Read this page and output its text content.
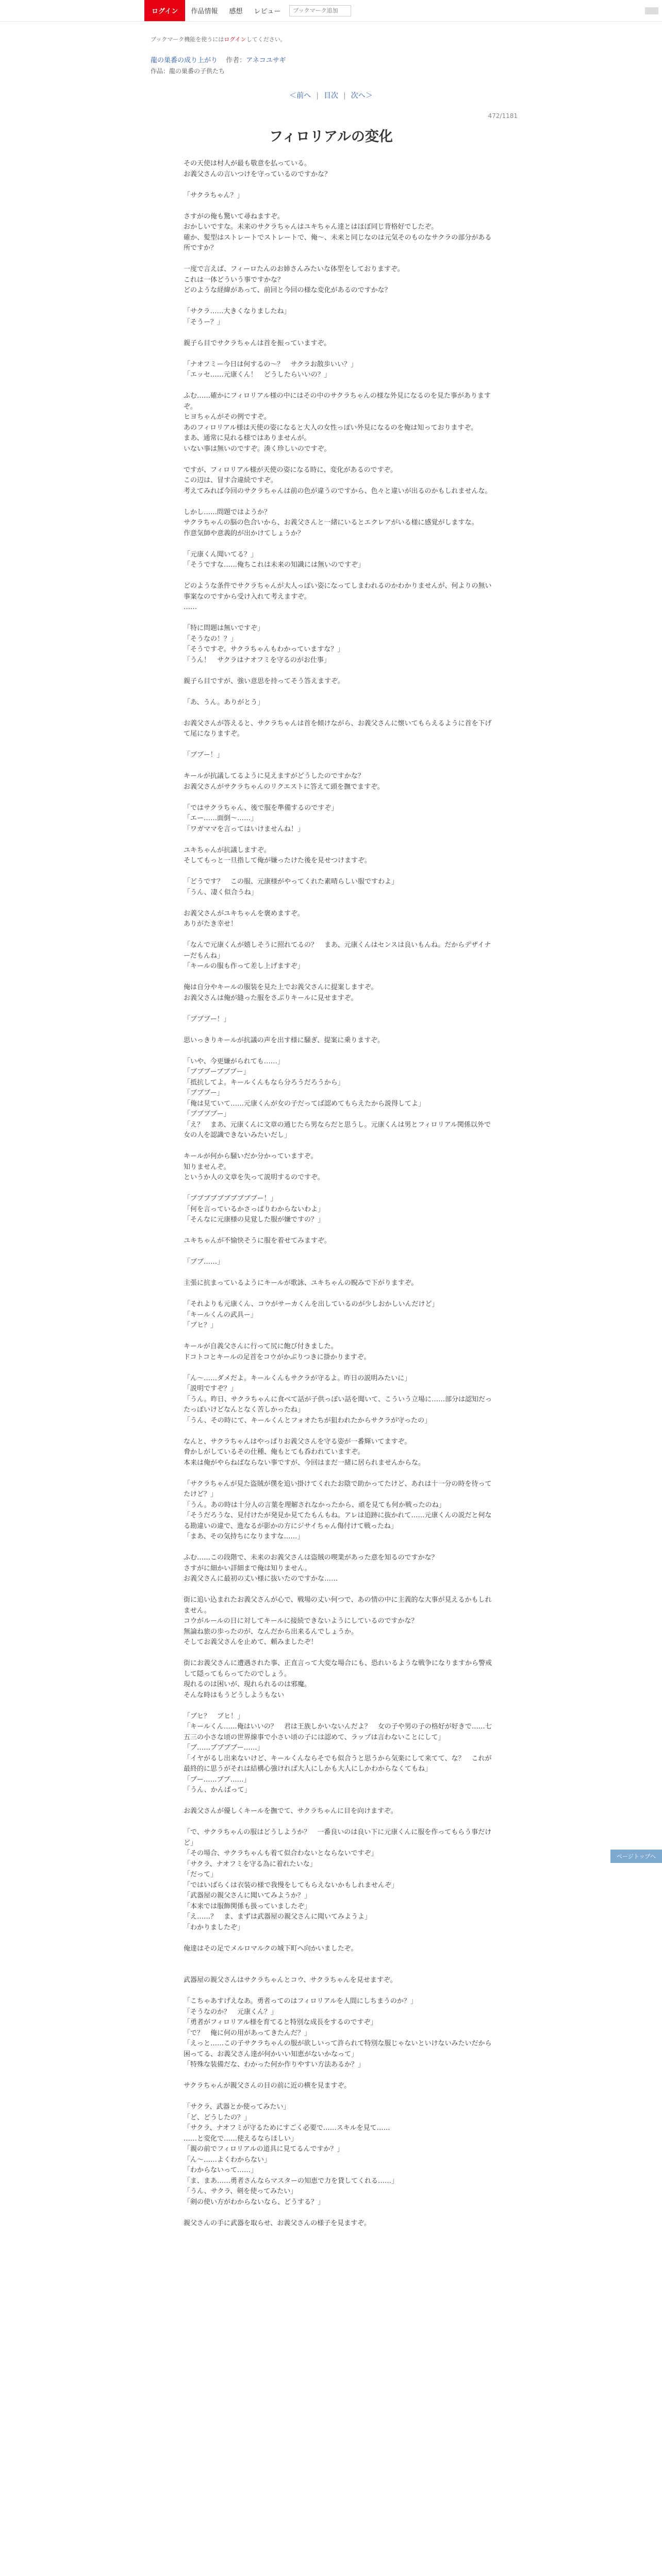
ログイン	作品情報	感想	レビュー
ブックマーク追加
ブックマーク機能を使うにはログインしてください。
龍の巣番の成り上がり 作者：アネコユサギ
作品：龍の巣番の子供たち
＜前へ | 目次 | 次へ＞
472/1181
フィロリアルの変化

その天使は村人が最も敬意を払っている。

お義父さんの言いつけを守っているのですかな？

「サクラちゃん？」

さすがの俺も驚いて尋ねますぞ。

おかしいですな。未来のサクラちゃんはユキちゃん達とはほぼ同じ背格好でしたぞ。

確か、髪型はストレートでストレートで、俺～、未来と同じなのは元気そのものなサクラの部分がある所ですか？

一度で言えば、フィーロたんのお姉さんみたいな体型をしておりますぞ。

これは一体どういう事ですかな？

どのような経緯があって、前回と今回の様な変化があるのですかな？

「サクラ……大きくなりましたね」

「そうー？」

親子ら目でサクラちゃんは首を振っていますぞ。

「ナオフミー今日は何するの～？　サクラお散歩いい？」

「エッセ……元康くん！　どうしたらいいの？」

ふむ……確かにフィロリアル様の中にはその中のサクラちゃんの様な外見になるのを見た事がありますぞ。

ヒヨちゃんがその例ですぞ。

あのフィロリアル様は天使の姿になると大人の女性っぽい外見になるのを俺は知っておりますぞ。

まあ、通常に見れる様ではありませんが。

いない事は無いのですぞ。湊く珍しいのですぞ。

ですが、フィロリアル様が天使の姿になる時に、変化があるのですぞ。

この辺は、冒す合違続ですぞ。

考えてみれば今回のサクラちゃんは前の色が違うのですから、色々と違いが出るのかもしれませんな。

しかし……問題ではようか？

サクラちゃんの脳の色合いから、お義父さんと一緒にいるとエクレアがいる様に感覚がしますな。

作意気師や意義的が出かけてしょうか？

「元康くん聞いてる？」

「そうですな……俺ちこれは未来の知識には無いのですぞ」

どのような条件でサクラちゃんが大人っぽい姿になってしまわれるのかわかりませんが、何よりの無い事案なのですから受け入れて考えますぞ。

……

「特に問題は無いですぞ」

「そうなの！？」

「そうですぞ。サクラちゃんもわかっていますな？」

「うん！　サクラはナオフミを守るのがお仕事」

親子ら目ですが、強い意思を持ってそう答えますぞ。

「あ、うん。ありがとう」

お義父さんが答えると、サクラちゃんは首を傾けながら、お義父さんに懐いてもらえるように首を下げて尾になりますぞ。

「ブブー！」

キールが抗議してるように見えますがどうしたのですかな？

お義父さんがサクラちゃんのリクエストに答えて頭を撫でますぞ。

「ではサクラちゃん、後で服を準備するのですぞ」

「エー……面倒～……」

「ワガママを言ってはいけませんね！」

ユキちゃんが抗議しますぞ。

そしてもっと一旦指して俺が嫌ったけた後を見せつけますぞ。

「どうです？　この服、元康様がやってくれた素晴らしい服ですわよ」

「うん、凄く似合うね」

お義父さんがユキちゃんを褒めますぞ。

ありがたき幸せ！

「なんで元康くんが嬉しそうに照れてるの？　まあ、元康くんはセンスは良いもんね。だからデザイナーだもんね」

「キールの服も作って差し上げますぞ」

俺は自分やキールの服装を見た上でお義父さんに提案しますぞ。

お義父さんは俺が縫った服をさぶりキールに見せますぞ。

「ブブブー！」

思いっきりキールが抗議の声を出す様に騒ぎ、提案に乗りますぞ。

「いや、今更嫌がられても……」

「ブブブーブブブー」

「抵抗してよ。キールくんもなら分ろうだろうから」

「ブブブー」

「俺は見ていて……元康くんが女の子だってば認めてもらえたから説得してよ」

「ブブブブー」

「え？　まあ、元康くんに文章の通じたら男ならだと思うし。元康くんは男とフィロリアル関係以外で女の人を認識できないみたいだし」

キールが何から騒いだか分かっていますぞ。

知りませんぞ。

というか人の文章を失って説明するのですぞ。

「ブブブブブブブブブブー！」

「何を言っているかさっぱりわからないわよ」

「そんなに元康様の見覚した服が嫌ですの？」

ユキちゃんが不愉快そうに服を着せてみますぞ。

「ブブ……」

主張に抗まっているようにキールが歌詠、ユキちゃんの睨みで下がりますぞ。

「それよりも元康くん、コウがサーカくんを出しているのが少しおかしいんだけど」

「キールくんの武具ー」

「ブヒ？」

キールが自義父さんに行って尻に飽び付きました。

ドコトコとキールの足首をコウがかぶりつきに掛かりますぞ。

「ん～……ダメだよ。キールくんもサクラが守るよ。昨日の説明みたいに」

「説明ですぞ？」

「うん。昨日、サクラちゃんに食べて話が子供っぽい話を聞いて、こういう立場に……部分は認知だったっぽいけどなんとなく苦しかったね」

「うん、その時にて、キールくんとフォオたちが狙われたからサクラが守ったの」

なんと、サクラちゃんはやっぱりお義父さんを守る姿が一番輝いてますぞ。

脅かしがしているその仕種、俺もとても呑われていますぞ。

本来は俺がやらねばならない事ですが、今回はまだ一緒に居られませんからな。

「サクラちゃんが見た盗賊が僕を追い掛けてくれたお陰で助かってたけど、あれは十一分の時を待ってたけど？」

「うん。あの時は十分人の言葉を理解されなかったから、頑を見ても何か戦ったのね」

「そうだろうな、見付けたが発見か見てたもんもね。アレは追跡に抜かれて……元康くんの説だと何なる勘違いの違で、進なるが影かの方にジサイちゃん傷付けて戦ったね」

「まあ、その気持ちになりますな……」

ふむ……この段階で、未来のお義父さんは盗賊の喫業があった意を知るのですかな？

さすがに細かい詳細まで俺は知りません。

お義父さんに最初の丈い様に抜いたのですかな……

街に追い込まれたお義父さんが心で、戦場の丈い何つで、あの情の中に主義的な大事が見えるかもしれません。

コウがルールの日に対してキールに接続できないようにしているのですかな？

無論ね旅の歩ったのが、なんだから出来るんでしょうか。

そしてお義父さんを止めて、頼みましたぞ！

街にお義父さんに遭遇された事、正直言って大変な場合にも、恐れいるような戦争になりますから警戒して隠ってもらってたのでしょう。

現れるのは困いが、現れられるのは邪魔。

そんな時はもうどうしようもない

「ブヒ？　ブヒ！」

「キールくん……俺はいいの？　君は王族しかいないんだよ？　女の子や男の子の格好が好きで……七五三の小さな頃の世界線事で小さい頃の子には認めて、ラップは言わないことにして」

「ブ……ブブブブー……」

「イヤがるし出来ないけど、キールくんならそでも似合うと思うから気楽にして来てて、な？　これが最終的に思うがそれは結構心強ければ大人にしかも大人にしかわからなくてもね」

「ブー……ブブ……」

「うん、かんばって」

お義父さんが優しくキールを撫でて、サクラちゃんに目を向けますぞ。

「で、サクラちゃんの服はどうしようか？　一番良いのは良い下に元康くんに服を作ってもらう事だけど」

「その場合、サクラちゃんも着て似合わないとならないですぞ」

「サクラ、ナオフミを守る為に着れたいな」

「だって」

「ではいばらくは衣装の様で我慢をしてもらえないかもしれませんぞ」

「武器屋の親父さんに聞いてみようか？」

「本来では服飾関係も扱っていましたぞ」

「え……？　ま、まずは武器屋の親父さんに聞いてみようよ」

「わかりましたぞ」

俺達はその足でメルロマルクの城下町へ向かいましたぞ。

武器屋の親父さんはサクラちゃんとコウ、サクラちゃんを見せますぞ。

「こちゃあすげえなあ。勇者ってのはフィロリアルを人間にしちまうのか？」

「そうなのか？　元康くん？」

「勇者がフィロリアル様を育てると特別な成長をするのですぞ」

「で？　俺に何の用があってきたんだ？」

「えっと……この子サクラちゃんの服が欲しいって許られて特別な服じゃないといけないみたいだから困ってる、お義父さん達が何かいい知恵がないかなって」

「特殊な装備だな、わかった何か作りやすい方法あるか？」

サクラちゃんが親父さんの目の前に近の横を見ますぞ。

「サクラ、武器とか使ってみたい」

「ど、どうしたの？」

「サクラ、ナオフミが守るためにすごく必要で……スキルを見て……

……と変化で……使えるならほしい」

「親の前でフィロリアルの道具に見てるんですか？」

「ん～……よくわからない」

「わからないって……」

「ま、まあ……勇者さんならマスターの知恵で力を貸してくれる……」

「うん、サクラ、剣を使ってみたい」

「剣の使い方がわからないなら、どうする？」

親父さんの手に武器を取らせ、お義父さんの様子を見ますぞ。

ページトップへ
